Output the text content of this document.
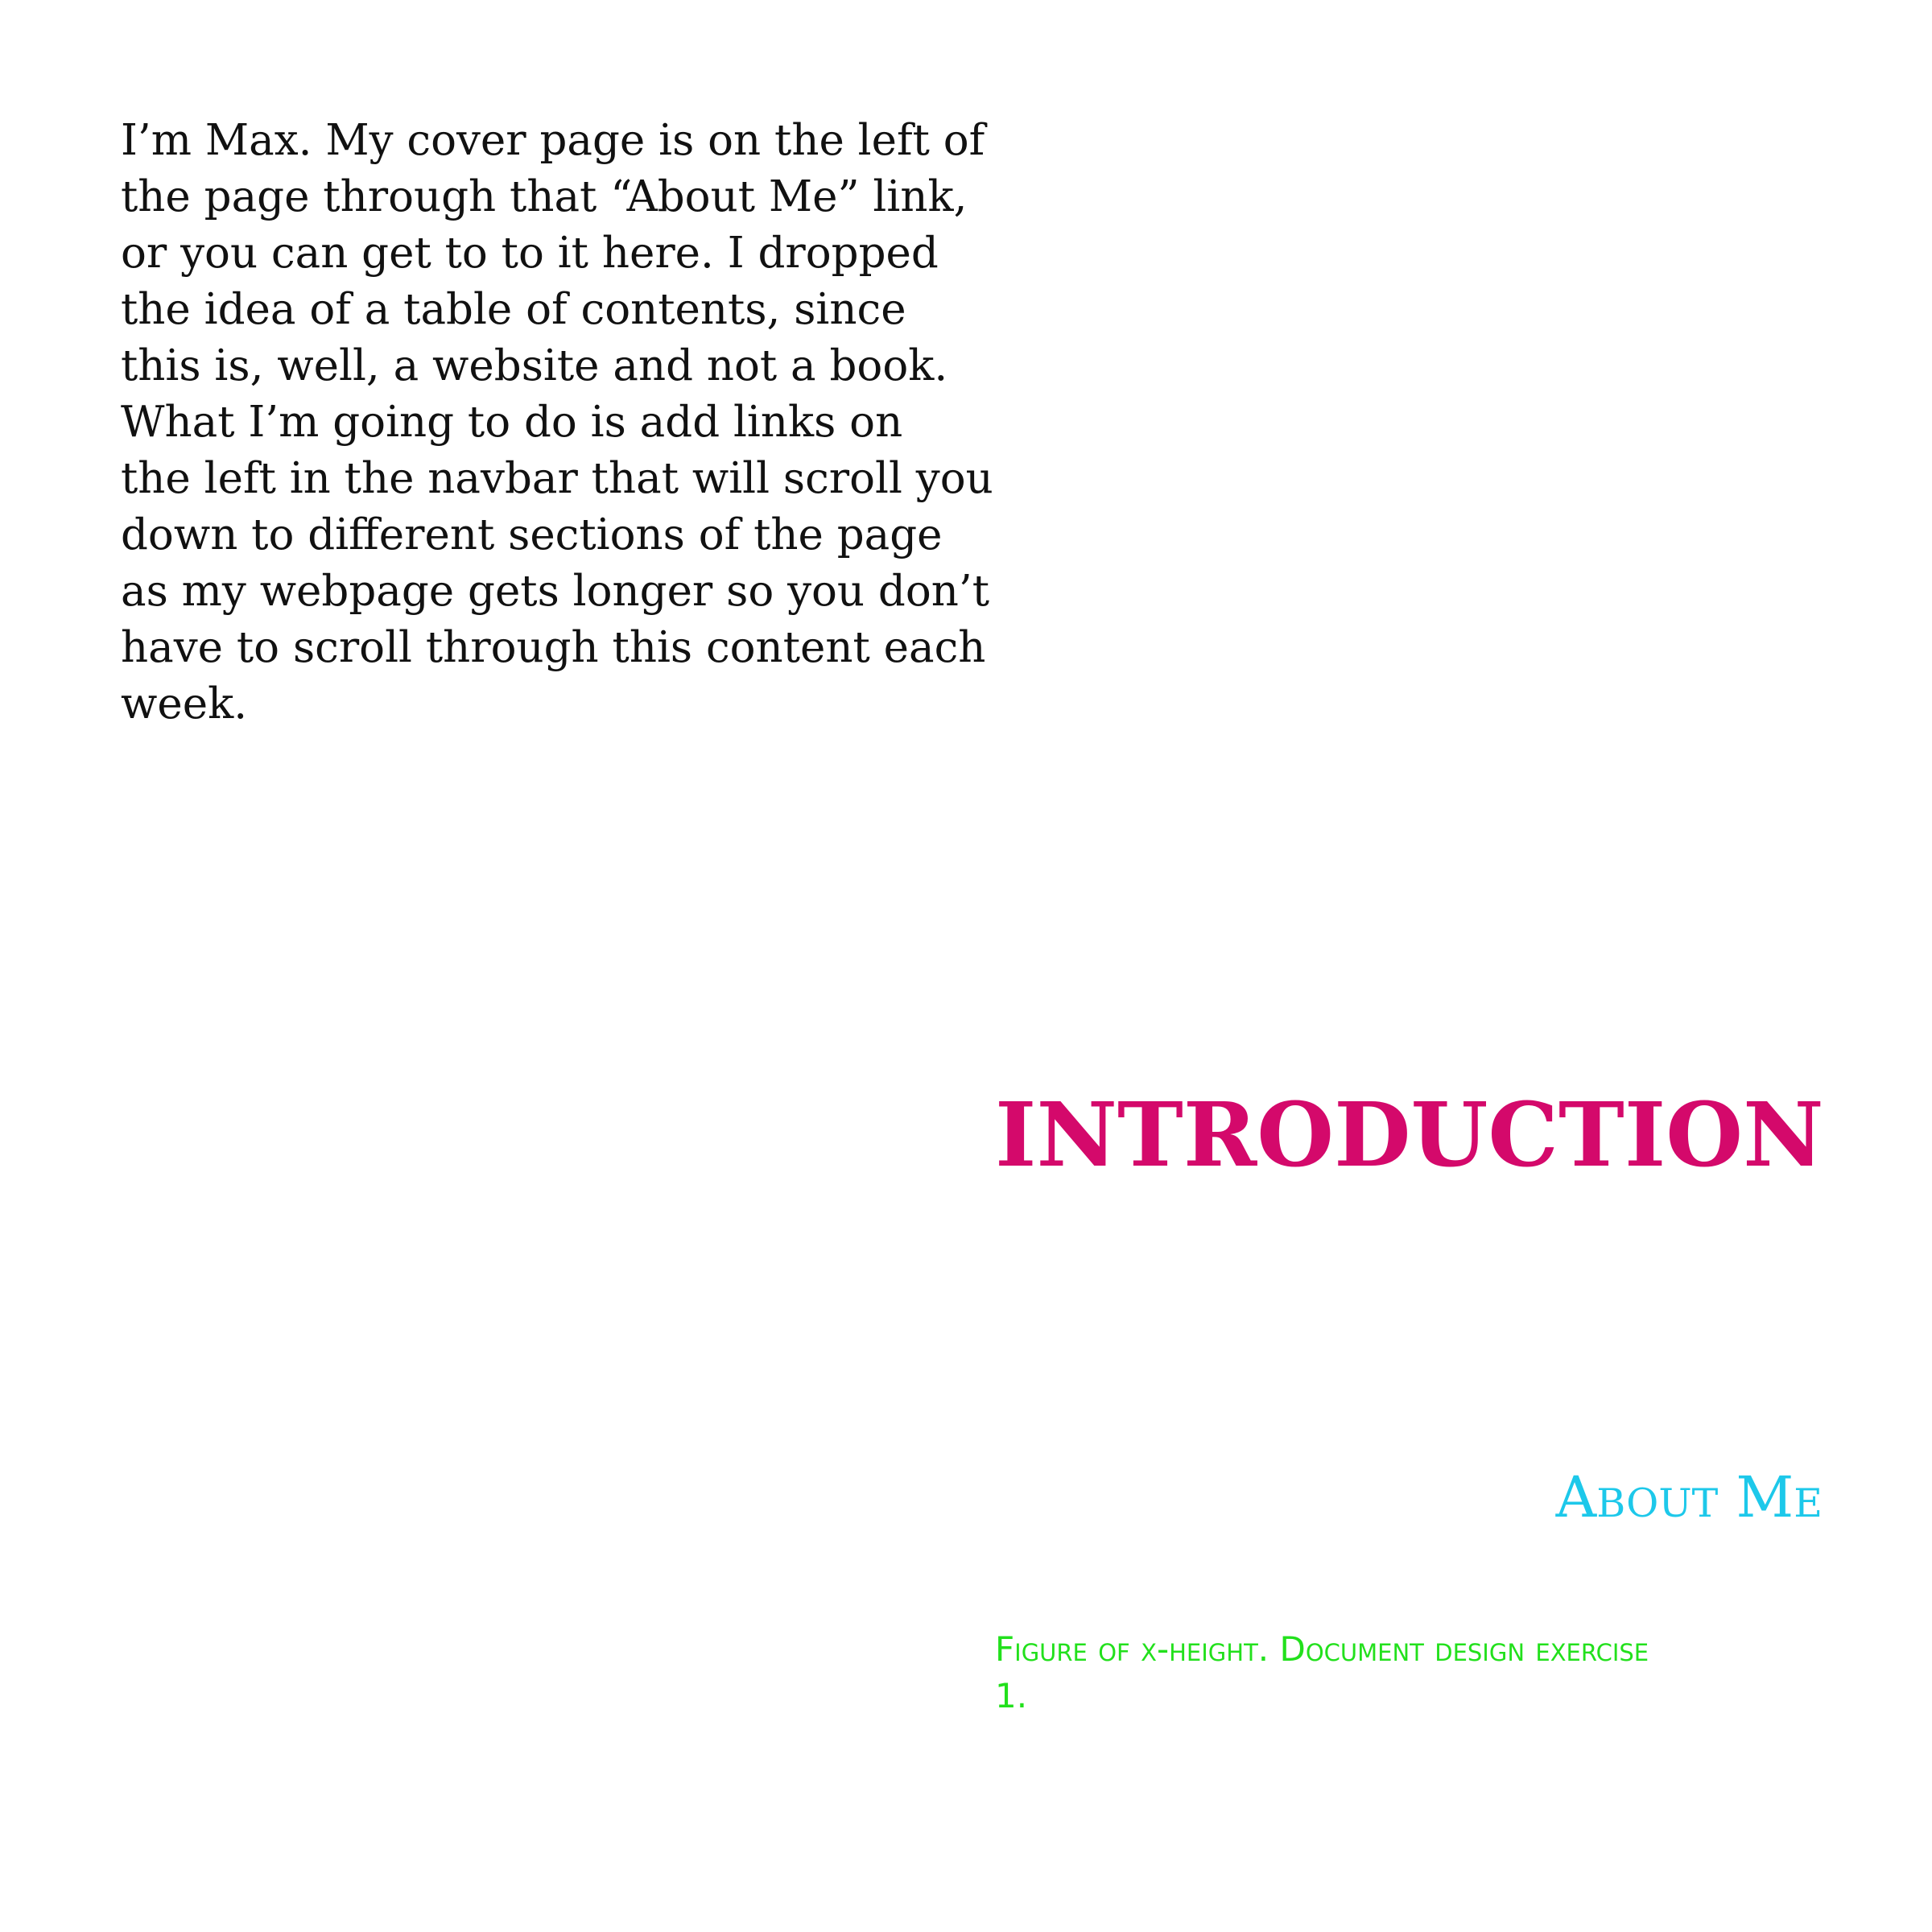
I’m Max. My cover page is on the left of
the page through that “About Me” link,
or you can get to to it here. I dropped
the idea of a table of contents, since
this is, well, a website and not a book.
What I’m going to do is add links on
the left in the navbar that will scroll you
down to different sections of the page
as my webpage gets longer so you don’t
have to scroll through this content each
week.
INTRODUCTION
About Me
Figure of x-height. Document design exercise
1.
